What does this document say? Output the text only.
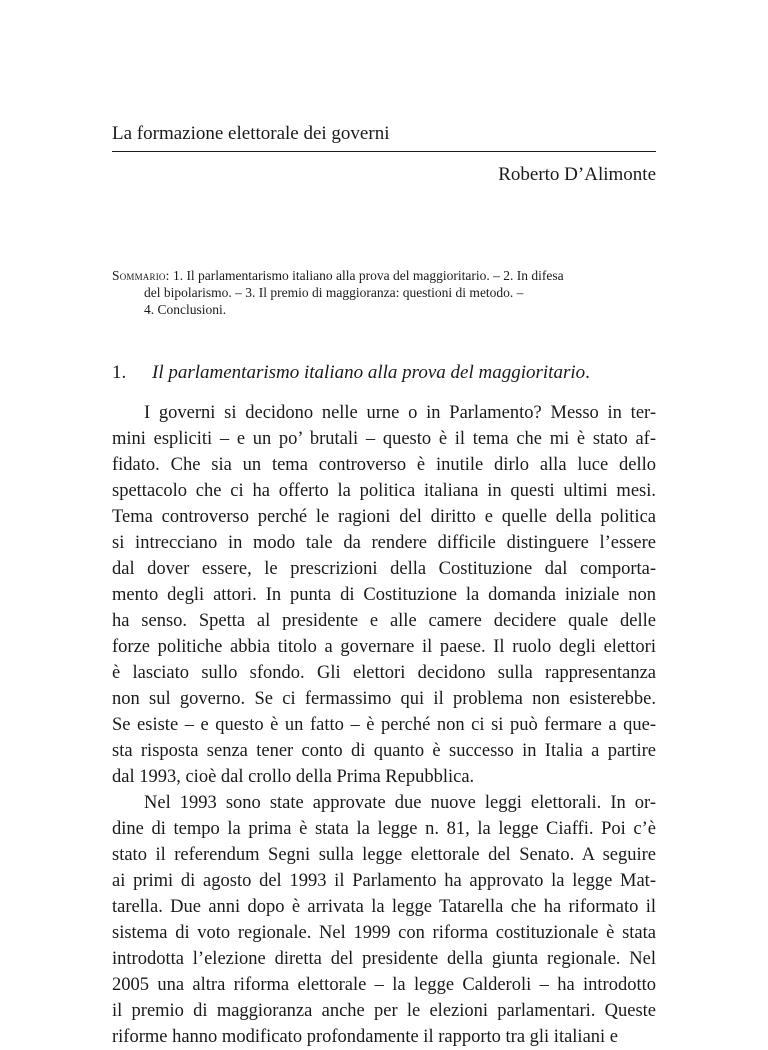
La formazione elettorale dei governi
Roberto D’Alimonte
Sommario: 1. Il parlamentarismo italiano alla prova del maggioritario. – 2. In difesa
del bipolarismo. – 3. Il premio di maggioranza: questioni di metodo. –
4. Conclusioni.
1. Il parlamentarismo italiano alla prova del maggioritario.
I governi si decidono nelle urne o in Parlamento? Messo in ter-
mini espliciti – e un po’ brutali – questo è il tema che mi è stato af-
fidato. Che sia un tema controverso è inutile dirlo alla luce dello
spettacolo che ci ha offerto la politica italiana in questi ultimi mesi.
Tema controverso perché le ragioni del diritto e quelle della politica
si intrecciano in modo tale da rendere difficile distinguere l’essere
dal dover essere, le prescrizioni della Costituzione dal comporta-
mento degli attori. In punta di Costituzione la domanda iniziale non
ha senso. Spetta al presidente e alle camere decidere quale delle
forze politiche abbia titolo a governare il paese. Il ruolo degli elettori
è lasciato sullo sfondo. Gli elettori decidono sulla rappresentanza
non sul governo. Se ci fermassimo qui il problema non esisterebbe.
Se esiste – e questo è un fatto – è perché non ci si può fermare a que-
sta risposta senza tener conto di quanto è successo in Italia a partire
dal 1993, cioè dal crollo della Prima Repubblica.
Nel 1993 sono state approvate due nuove leggi elettorali. In or-
dine di tempo la prima è stata la legge n. 81, la legge Ciaffi. Poi c’è
stato il referendum Segni sulla legge elettorale del Senato. A seguire
ai primi di agosto del 1993 il Parlamento ha approvato la legge Mat-
tarella. Due anni dopo è arrivata la legge Tatarella che ha riformato il
sistema di voto regionale. Nel 1999 con riforma costituzionale è stata
introdotta l’elezione diretta del presidente della giunta regionale. Nel
2005 una altra riforma elettorale – la legge Calderoli – ha introdotto
il premio di maggioranza anche per le elezioni parlamentari. Queste
riforme hanno modificato profondamente il rapporto tra gli italiani e
